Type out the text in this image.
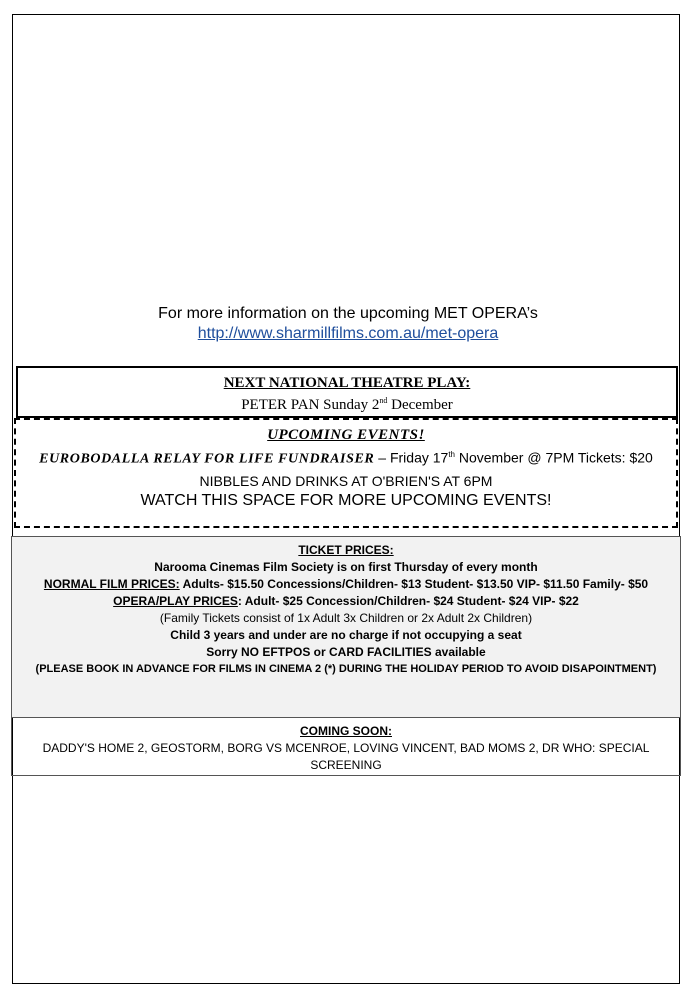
For more information on the upcoming MET OPERA’s
http://www.sharmillfilms.com.au/met-opera
NEXT NATIONAL THEATRE PLAY:
PETER PAN Sunday 2nd December
UPCOMING EVENTS!
EUROBODALLA RELAY FOR LIFE FUNDRAISER – Friday 17th November @ 7PM Tickets: $20
NIBBLES AND DRINKS AT O'BRIEN'S AT 6PM
WATCH THIS SPACE FOR MORE UPCOMING EVENTS!
TICKET PRICES:
Narooma Cinemas Film Society is on first Thursday of every month
NORMAL FILM PRICES: Adults- $15.50 Concessions/Children- $13 Student- $13.50 VIP- $11.50 Family- $50
OPERA/PLAY PRICES: Adult- $25 Concession/Children- $24 Student- $24 VIP- $22
(Family Tickets consist of 1x Adult 3x Children or 2x Adult 2x Children)
Child 3 years and under are no charge if not occupying a seat
Sorry NO EFTPOS or CARD FACILITIES available
(PLEASE BOOK IN ADVANCE FOR FILMS IN CINEMA 2 (*) DURING THE HOLIDAY PERIOD TO AVOID DISAPOINTMENT)
COMING SOON:
DADDY'S HOME 2, GEOSTORM, BORG VS MCENROE, LOVING VINCENT, BAD MOMS 2, DR WHO: SPECIAL SCREENING
